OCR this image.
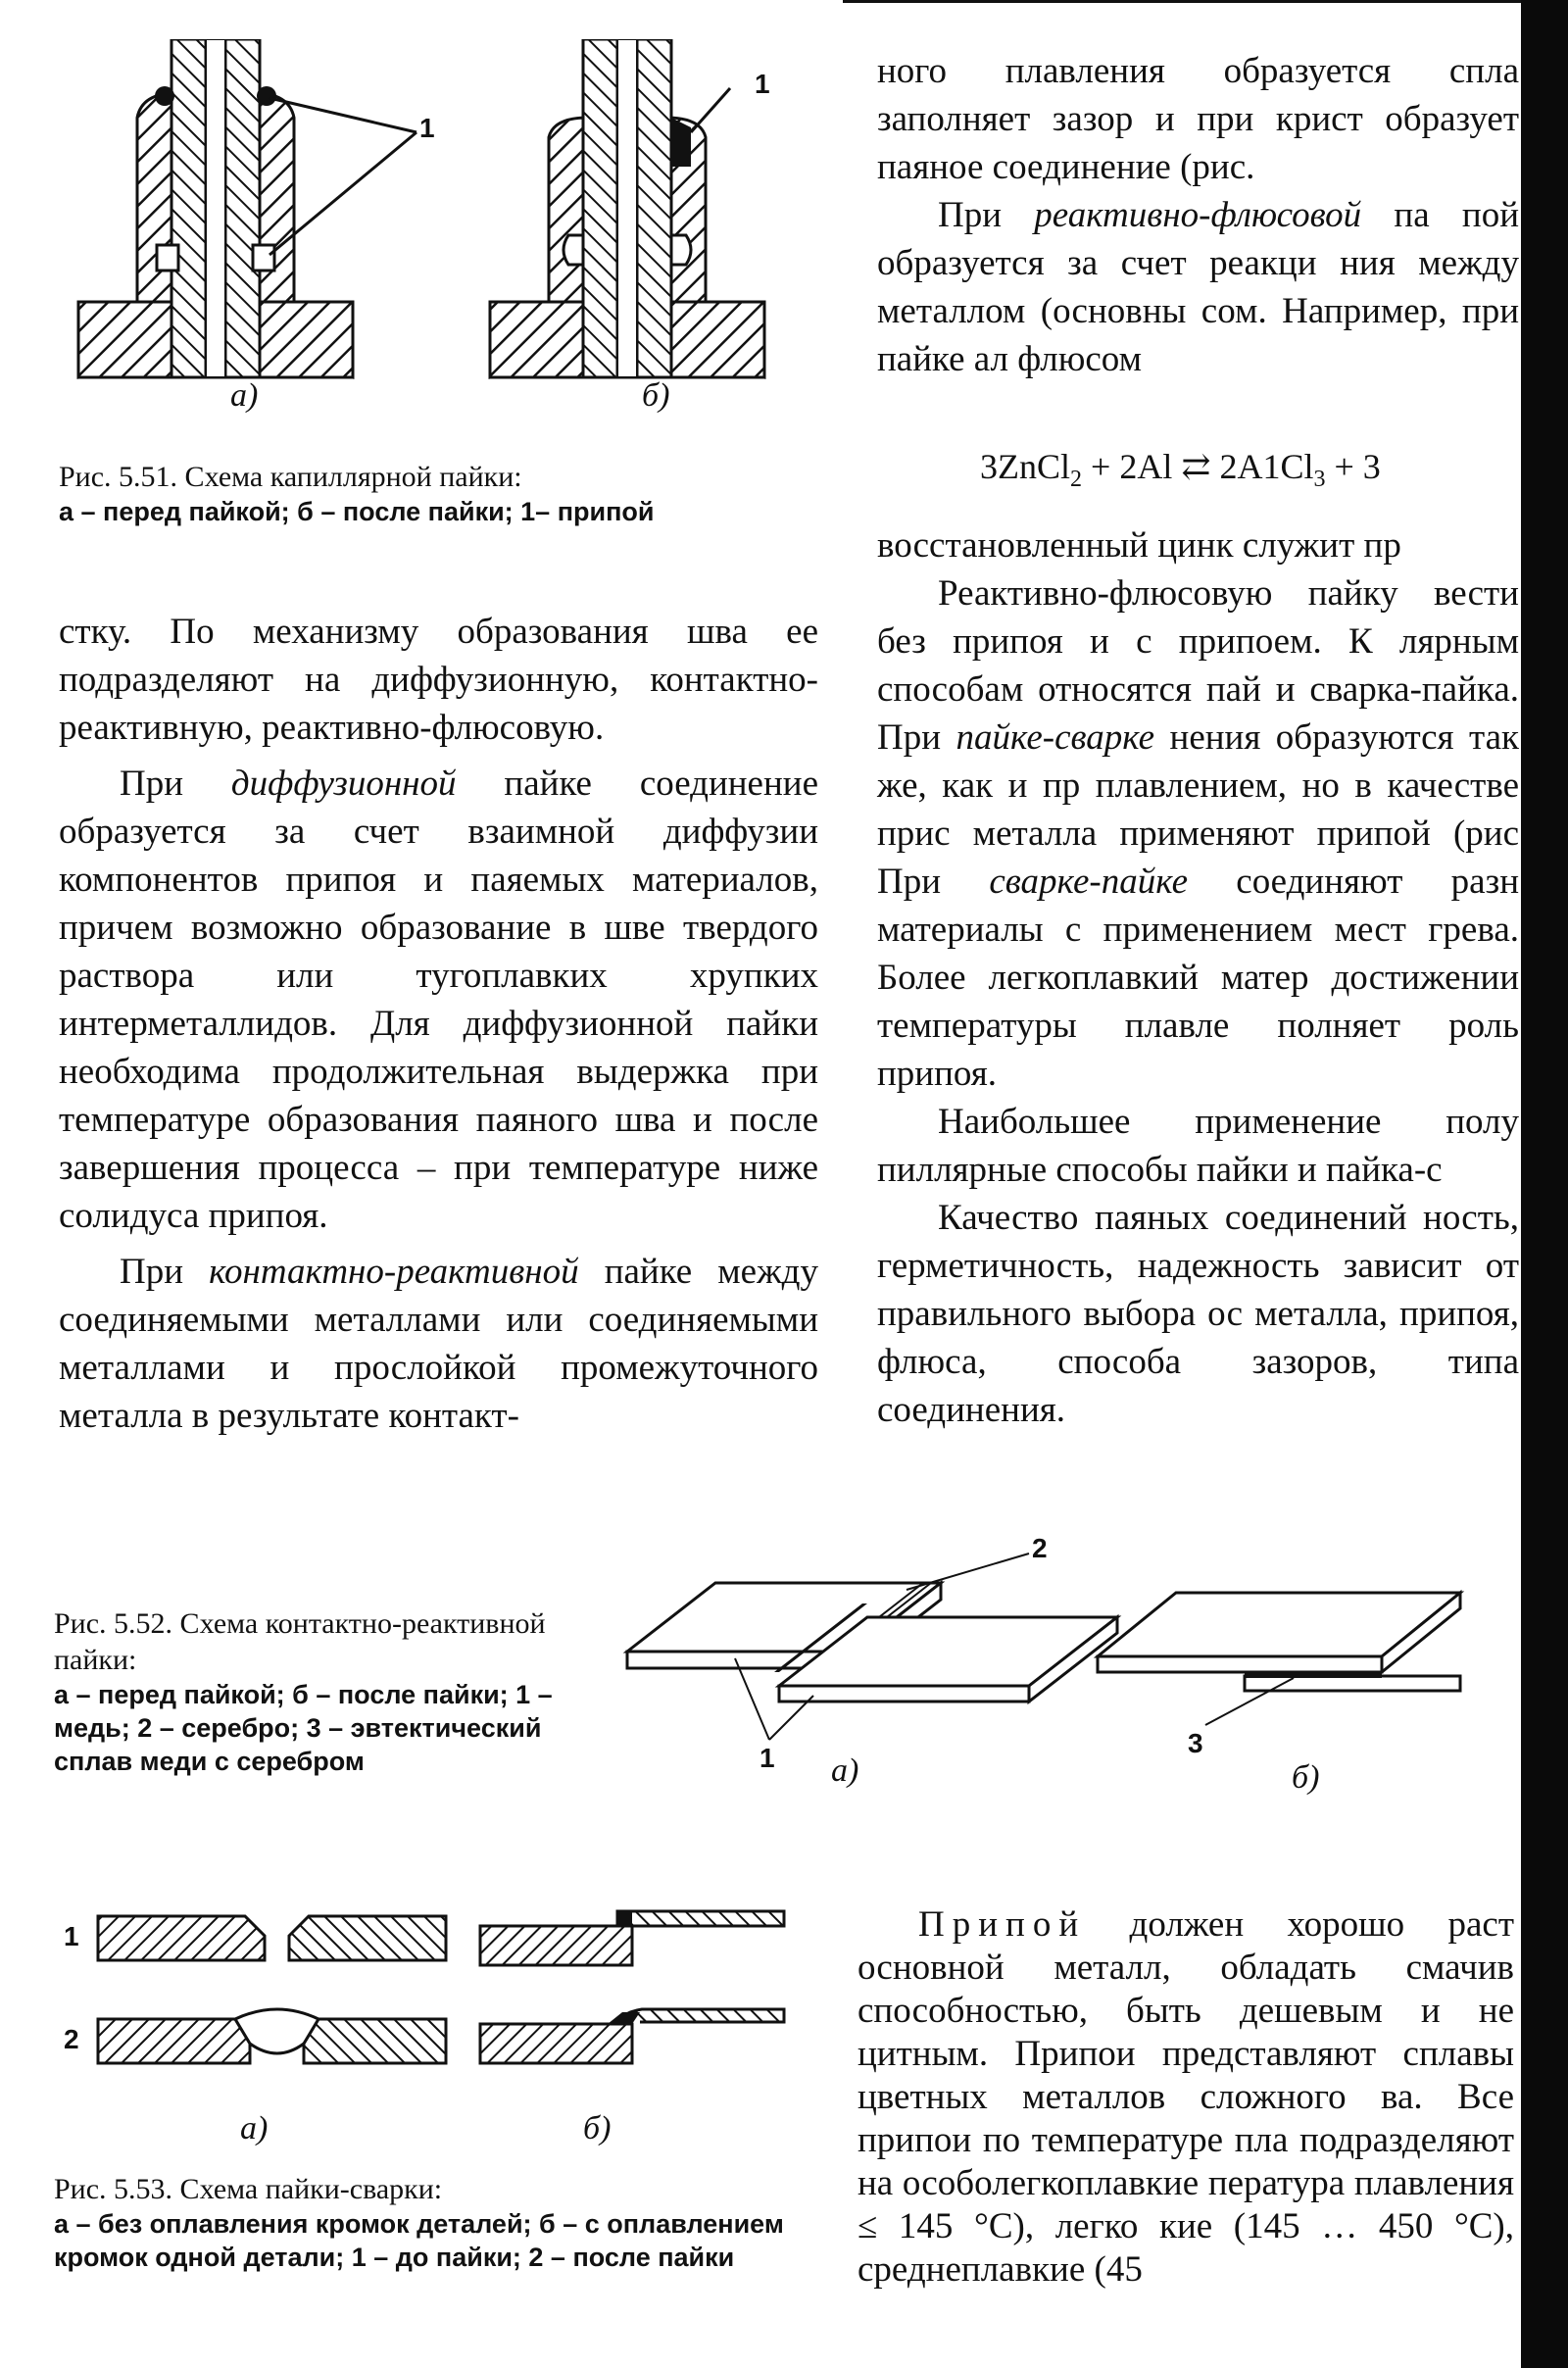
а)	б)
1
1
Рис. 5.51. Схема капиллярной пайки:
а – перед пайкой; б – после пайки; 1– припой

стку. По механизму образования шва ее подразделяют на диффузионную, контактно-реактивную, реактивно-флюсовую.

При диффузионной пайке соединение образуется за счет взаимной диффузии компонентов припоя и паяемых материалов, причем возможно образование в шве твердого раствора или тугоплавких хрупких интерметаллидов. Для диффузионной пайки необходима продолжительная выдержка при температуре образования паяного шва и после завершения процесса – при температуре ниже солидуса припоя.

При контактно-реактивной пайке между соединяемыми металлами или соединяемыми металлами и прослойкой промежуточного металла в результате контакт-

ного плавления образуется спла заполняет зазор и при крист образует паяное соединение (рис.

При реактивно-флюсовой па пой образуется за счет реакци ния между металлом (основны сом. Например, при пайке ал флюсом

3ZnCl$_2$ + 2Al ⇄ $2A1Cl_3 + 3$

восстановленный цинк служит пр

Реактивно-флюсовую пайку вести без припоя и с припоем. К лярным способам относятся пай и сварка-пайка. При пайке-сварке нения образуются так же, как и пр плавлением, но в качестве прис металла применяют припой (рис При сварке-пайке соединяют разн материалы с применением мест грева. Более легкоплавкий матер достижении температуры плавле полняет роль припоя.

Наибольшее применение полу пиллярные способы пайки и пайка-с

Качество паяных соединений ность, герметичность, надежность зависит от правильного выбора ос металла, припоя, флюса, способа зазоров, типа соединения.

Рис. 5.52. Схема контактно-реактивной пайки:
а – перед пайкой; б – после пайки; 1 – медь; 2 – серебро; 3 – эвтектический сплав меди с серебром
2
1	3
а)	б)
1
2
а)	б)
Рис. 5.53. Схема пайки-сварки:
а – без оплавления кромок деталей; б – с оплавлением кромок одной детали; 1 – до пайки; 2 – после пайки

Припой должен хорошо раст основной металл, обладать смачив способностью, быть дешевым и не цитным. Припои представляют сплавы цветных металлов сложного ва. Все припои по температуре пла подразделяют на особолегкоплавкие пература плавления ≤ 145 °С), легко кие (145 … 450 °С), среднеплавкие (45
